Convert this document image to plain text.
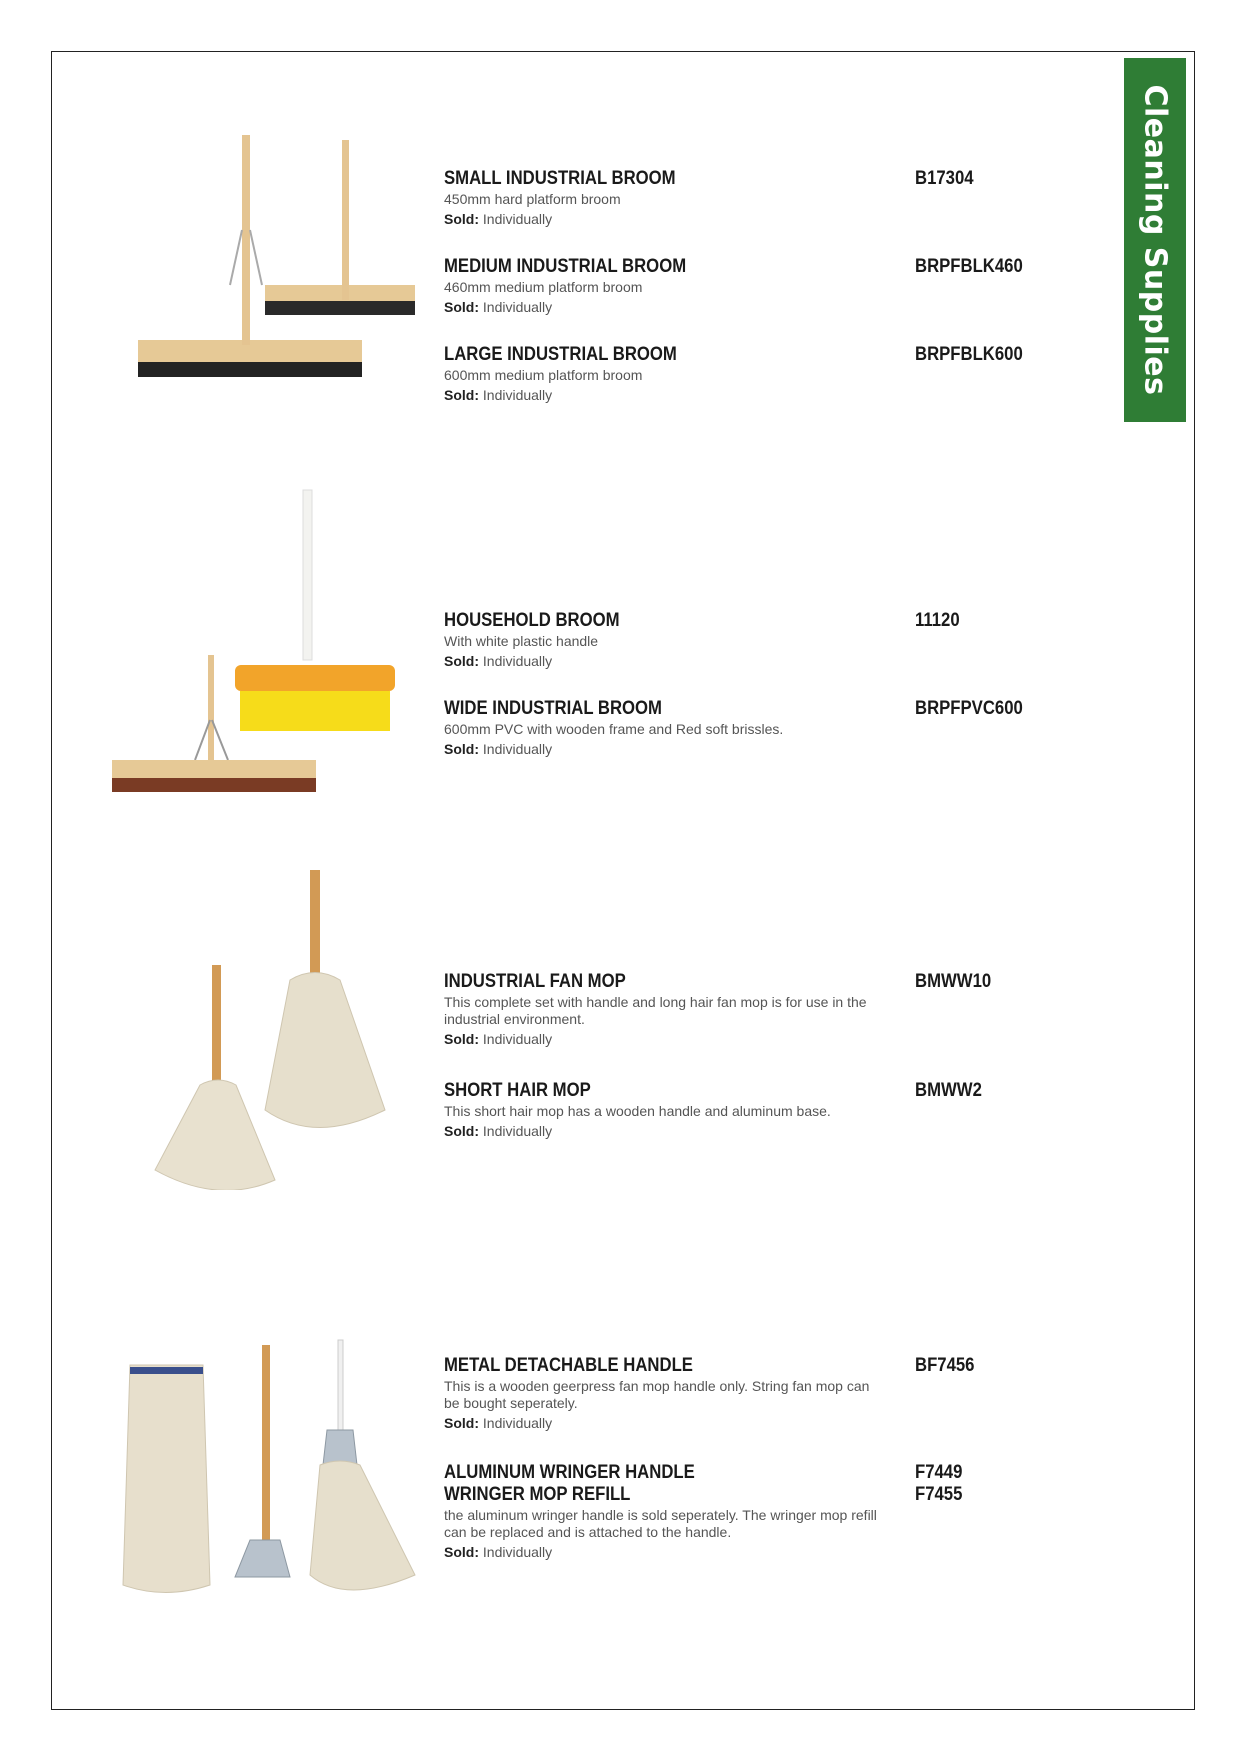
Cleaning Supplies
SMALL INDUSTRIAL BROOM
450mm hard platform broom
Sold: Individually
B17304
MEDIUM INDUSTRIAL BROOM
460mm medium platform broom
Sold: Individually
BRPFBLK460
LARGE INDUSTRIAL BROOM
600mm medium platform broom
Sold: Individually
BRPFBLK600
HOUSEHOLD BROOM
With white plastic handle
Sold: Individually
11120
WIDE INDUSTRIAL BROOM
600mm PVC with wooden frame and Red soft brissles.
Sold: Individually
BRPFPVC600
INDUSTRIAL FAN MOP
This complete set with handle and long hair fan mop is for use in the industrial environment.
Sold: Individually
BMWW10
SHORT HAIR MOP
This short hair mop has a wooden handle and aluminum base.
Sold: Individually
BMWW2
METAL DETACHABLE HANDLE
This is a wooden geerpress fan mop handle only. String fan mop can be bought seperately.
Sold: Individually
BF7456
ALUMINUM WRINGER HANDLE
WRINGER MOP REFILL
the aluminum wringer handle is sold seperately. The wringer mop refill can be replaced and is attached to the handle.
Sold: Individually
F7449
F7455
